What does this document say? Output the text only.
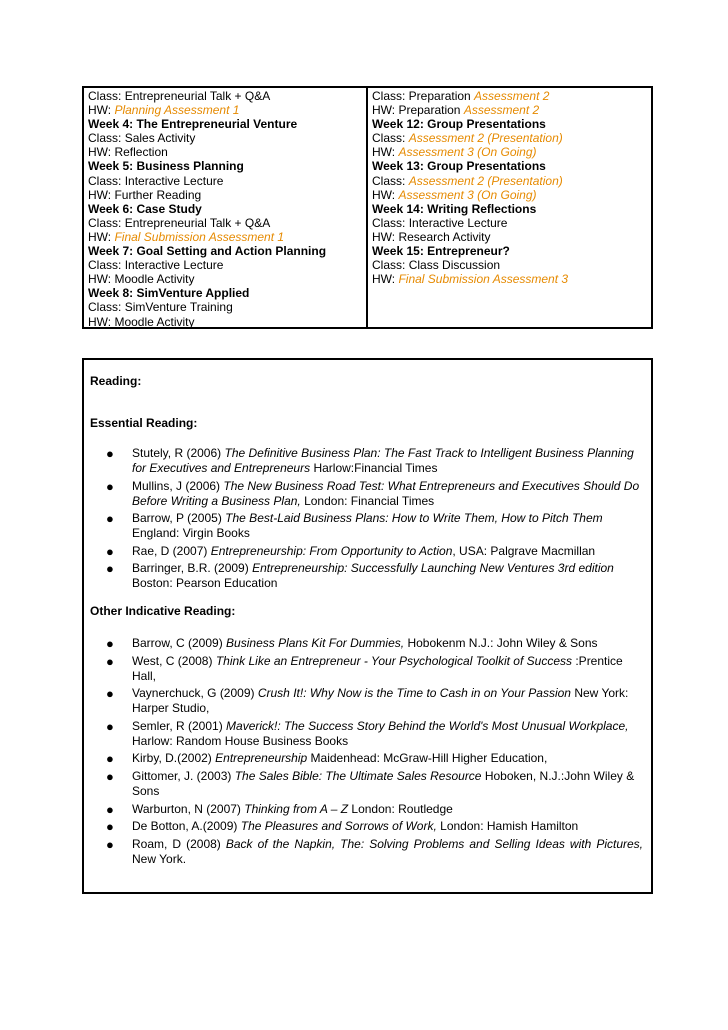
Class: Entrepreneurial Talk + Q&A
HW: Planning Assessment 1
Week 4: The Entrepreneurial Venture
Class: Sales Activity
HW: Reflection
Week 5: Business Planning
Class: Interactive Lecture
HW: Further Reading
Week 6: Case Study
Class: Entrepreneurial Talk + Q&A
HW: Final Submission Assessment 1
Week 7: Goal Setting and Action Planning
Class: Interactive Lecture
HW: Moodle Activity
Week 8: SimVenture Applied
Class: SimVenture Training
HW: Moodle Activity
Class: Preparation Assessment 2
HW: Preparation Assessment 2
Week 12: Group Presentations
Class: Assessment 2 (Presentation)
HW: Assessment 3 (On Going)
Week 13: Group Presentations
Class: Assessment 2 (Presentation)
HW: Assessment 3 (On Going)
Week 14: Writing Reflections
Class: Interactive Lecture
HW: Research Activity
Week 15: Entrepreneur?
Class: Class Discussion
HW: Final Submission Assessment 3
Reading:
Essential Reading:
● Stutely, R (2006) The Definitive Business Plan: The Fast Track to Intelligent Business Planning for Executives and Entrepreneurs Harlow:Financial Times
● Mullins, J (2006) The New Business Road Test: What Entrepreneurs and Executives Should Do Before Writing a Business Plan, London: Financial Times
● Barrow, P (2005) The Best-Laid Business Plans: How to Write Them, How to Pitch Them England: Virgin Books
● Rae, D (2007) Entrepreneurship: From Opportunity to Action, USA: Palgrave Macmillan
● Barringer, B.R. (2009) Entrepreneurship: Successfully Launching New Ventures 3rd edition Boston: Pearson Education
Other Indicative Reading:
● Barrow, C (2009) Business Plans Kit For Dummies, Hobokenm N.J.: John Wiley & Sons
● West, C (2008) Think Like an Entrepreneur - Your Psychological Toolkit of Success :Prentice Hall,
● Vaynerchuck, G (2009) Crush It!: Why Now is the Time to Cash in on Your Passion New York: Harper Studio,
● Semler, R (2001) Maverick!: The Success Story Behind the World's Most Unusual Workplace, Harlow: Random House Business Books
● Kirby, D.(2002) Entrepreneurship Maidenhead: McGraw-Hill Higher Education,
● Gittomer, J. (2003) The Sales Bible: The Ultimate Sales Resource Hoboken, N.J.:John Wiley & Sons
● Warburton, N (2007) Thinking from A – Z London: Routledge
● De Botton, A.(2009) The Pleasures and Sorrows of Work, London: Hamish Hamilton
● Roam, D (2008) Back of the Napkin, The: Solving Problems and Selling Ideas with Pictures, New York.
